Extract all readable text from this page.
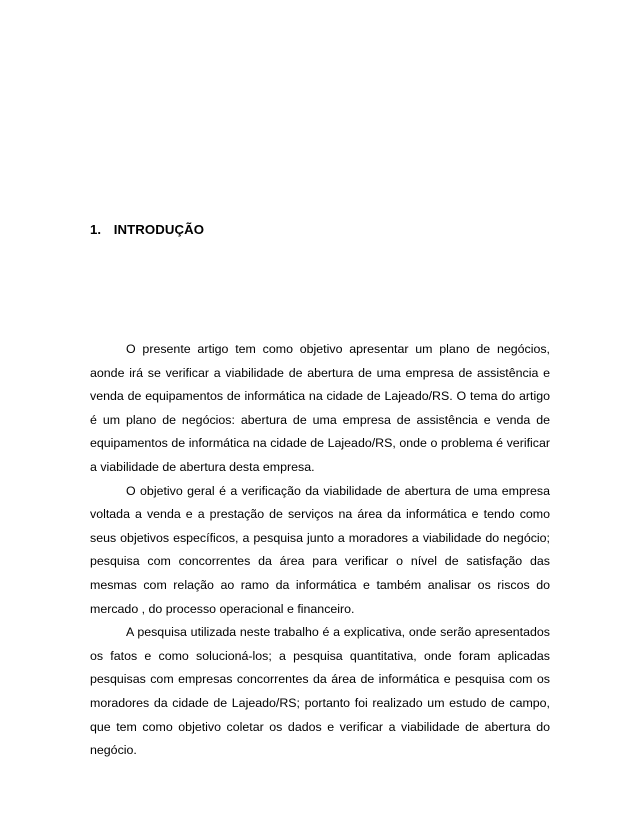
1. INTRODUÇÃO

O presente artigo tem como objetivo apresentar um plano de negócios, aonde irá se verificar a viabilidade de abertura de uma empresa de assistência e venda de equipamentos de informática na cidade de Lajeado/RS. O tema do artigo é um plano de negócios: abertura de uma empresa de assistência e venda de equipamentos de informática na cidade de Lajeado/RS, onde o problema é verificar a viabilidade de abertura desta empresa.

O objetivo geral é a verificação da viabilidade de abertura de uma empresa voltada a venda e a prestação de serviços na área da informática e tendo como seus objetivos específicos, a pesquisa junto a moradores a viabilidade do negócio; pesquisa com concorrentes da área para verificar o nível de satisfação das mesmas com relação ao ramo da informática e também analisar os riscos do mercado , do processo operacional e financeiro.

A pesquisa utilizada neste trabalho é a explicativa, onde serão apresentados os fatos e como solucioná-los; a pesquisa quantitativa, onde foram aplicadas pesquisas com empresas concorrentes da área de informática e pesquisa com os moradores da cidade de Lajeado/RS; portanto foi realizado um estudo de campo, que tem como objetivo coletar os dados e verificar a viabilidade de abertura do negócio.
